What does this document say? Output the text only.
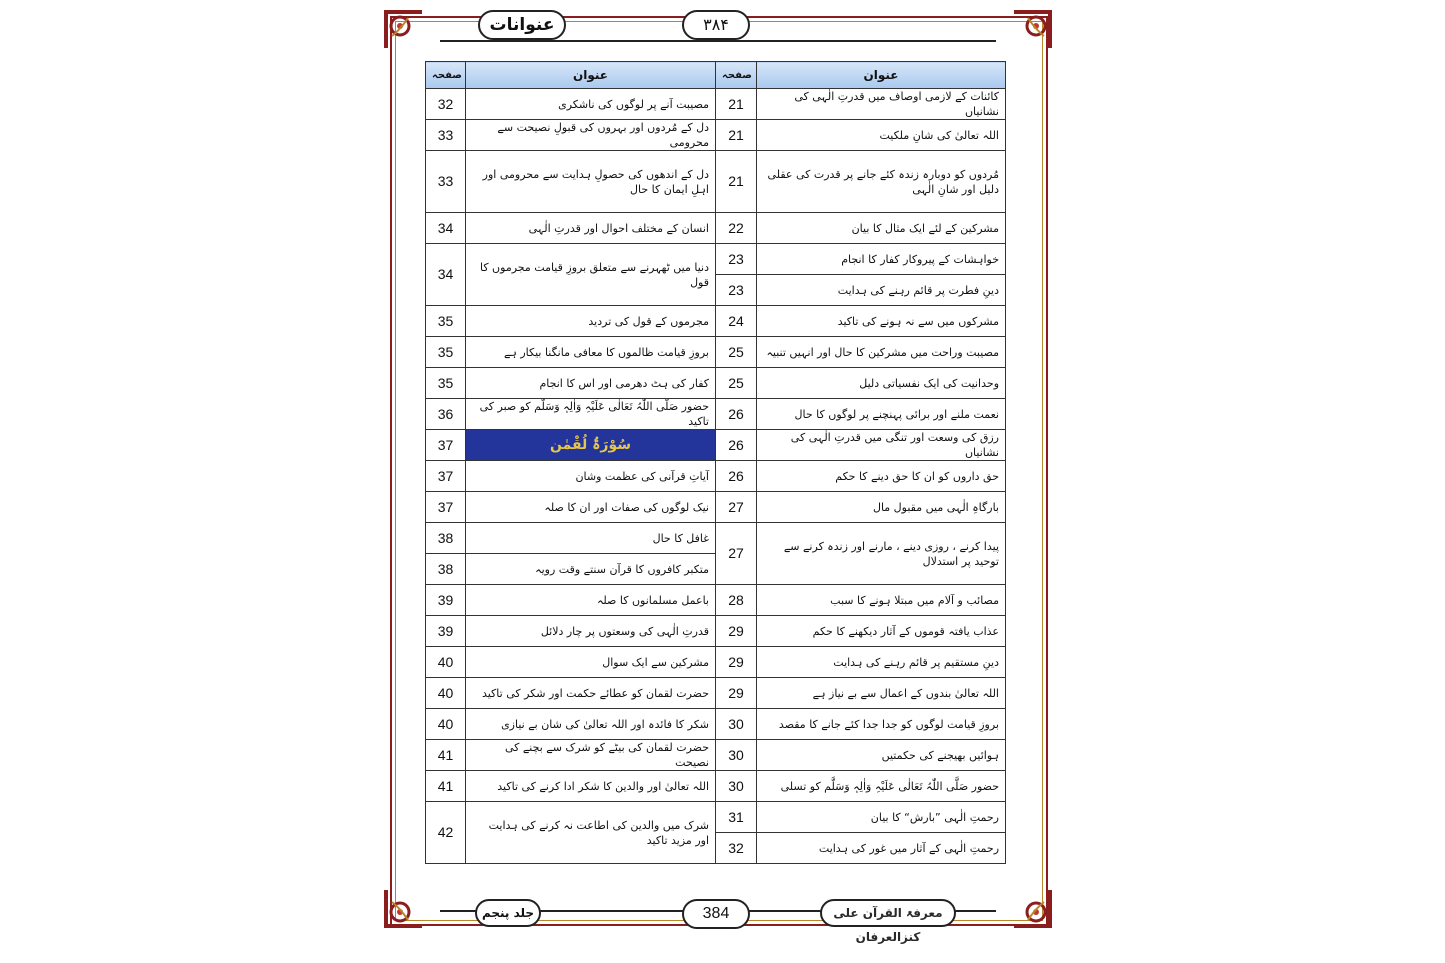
عنوانات	۳۸۴
صفحہ	عنوان
32	مصیبت آنے پر لوگوں کی ناشکری
33	دل کے مُردوں اور بہروں کی قبولِ نصیحت سے محرومی
33	دل کے اندھوں کی حصولِ ہدایت سے محرومی اور اہلِ ایمان کا حال
34	انسان کے مختلف احوال اور قدرتِ الٰہی
34	دنیا میں ٹھہرنے سے متعلق بروزِ قیامت مجرموں کا قول
35	مجرموں کے قول کی تردید
35	بروزِ قیامت ظالموں کا معافی مانگنا بیکار ہے
35	کفار کی ہٹ دھرمی اور اس کا انجام
36	حضور صَلَّی اللّٰہُ تَعَالٰی عَلَیْہِ وَاٰلِہٖ وَسَلَّم کو صبر کی تاکید
37	سُوْرَۃُ لُقْمٰن
37	آیاتِ قرآنی کی عظمت وشان
37	نیک لوگوں کی صفات اور ان کا صلہ
38	غافل کا حال
38	متکبر کافروں کا قرآن سنتے وقت رویہ
39	باعمل مسلمانوں کا صلہ
39	قدرتِ الٰہی کی وسعتوں پر چار دلائل
40	مشرکین سے ایک سوال
40	حضرت لقمان کو عطائے حکمت اور شکر کی تاکید
40	شکر کا فائدہ اور اللہ تعالیٰ کی شان بے نیازی
41	حضرت لقمان کی بیٹے کو شرک سے بچنے کی نصیحت
41	اللہ تعالیٰ اور والدین کا شکر ادا کرنے کی تاکید
42	شرک میں والدین کی اطاعت نہ کرنے کی ہدایت اور مزید تاکید
صفحہ	عنوان
21	کائنات کے لازمی اوصاف میں قدرتِ الٰہی کی نشانیاں
21	اللہ تعالیٰ کی شانِ ملکیت
21	مُردوں کو دوبارہ زندہ کئے جانے پر قدرت کی عقلی دلیل اور شانِ الٰہی
22	مشرکین کے لئے ایک مثال کا بیان
23	خواہشات کے پیروکار کفار کا انجام
23	دینِ فطرت پر قائم رہنے کی ہدایت
24	مشرکوں میں سے نہ ہونے کی تاکید
25	مصیبت وراحت میں مشرکین کا حال اور انہیں تنبیہ
25	وحدانیت کی ایک نفسیاتی دلیل
26	نعمت ملنے اور برائی پہنچنے پر لوگوں کا حال
26	رزق کی وسعت اور تنگی میں قدرتِ الٰہی کی نشانیاں
26	حق داروں کو ان کا حق دینے کا حکم
27	بارگاہِ الٰہی میں مقبول مال
27	پیدا کرنے ، روزی دینے ، مارنے اور زندہ کرنے سے توحید پر استدلال
28	مصائب و آلام میں مبتلا ہونے کا سبب
29	عذاب یافتہ قوموں کے آثار دیکھنے کا حکم
29	دینِ مستقیم پر قائم رہنے کی ہدایت
29	اللہ تعالیٰ بندوں کے اعمال سے بے نیاز ہے
30	بروزِ قیامت لوگوں کو جدا جدا کئے جانے کا مقصد
30	ہوائیں بھیجنے کی حکمتیں
30	حضور صَلَّی اللّٰہُ تَعَالٰی عَلَیْہِ وَاٰلِہٖ وَسَلَّم کو تسلی
31	رحمتِ الٰہی ”بارش“ کا بیان
32	رحمتِ الٰہی کے آثار میں غور کی ہدایت
جلد پنجم	384	معرفۃ القرآن علی کنزالعرفان
